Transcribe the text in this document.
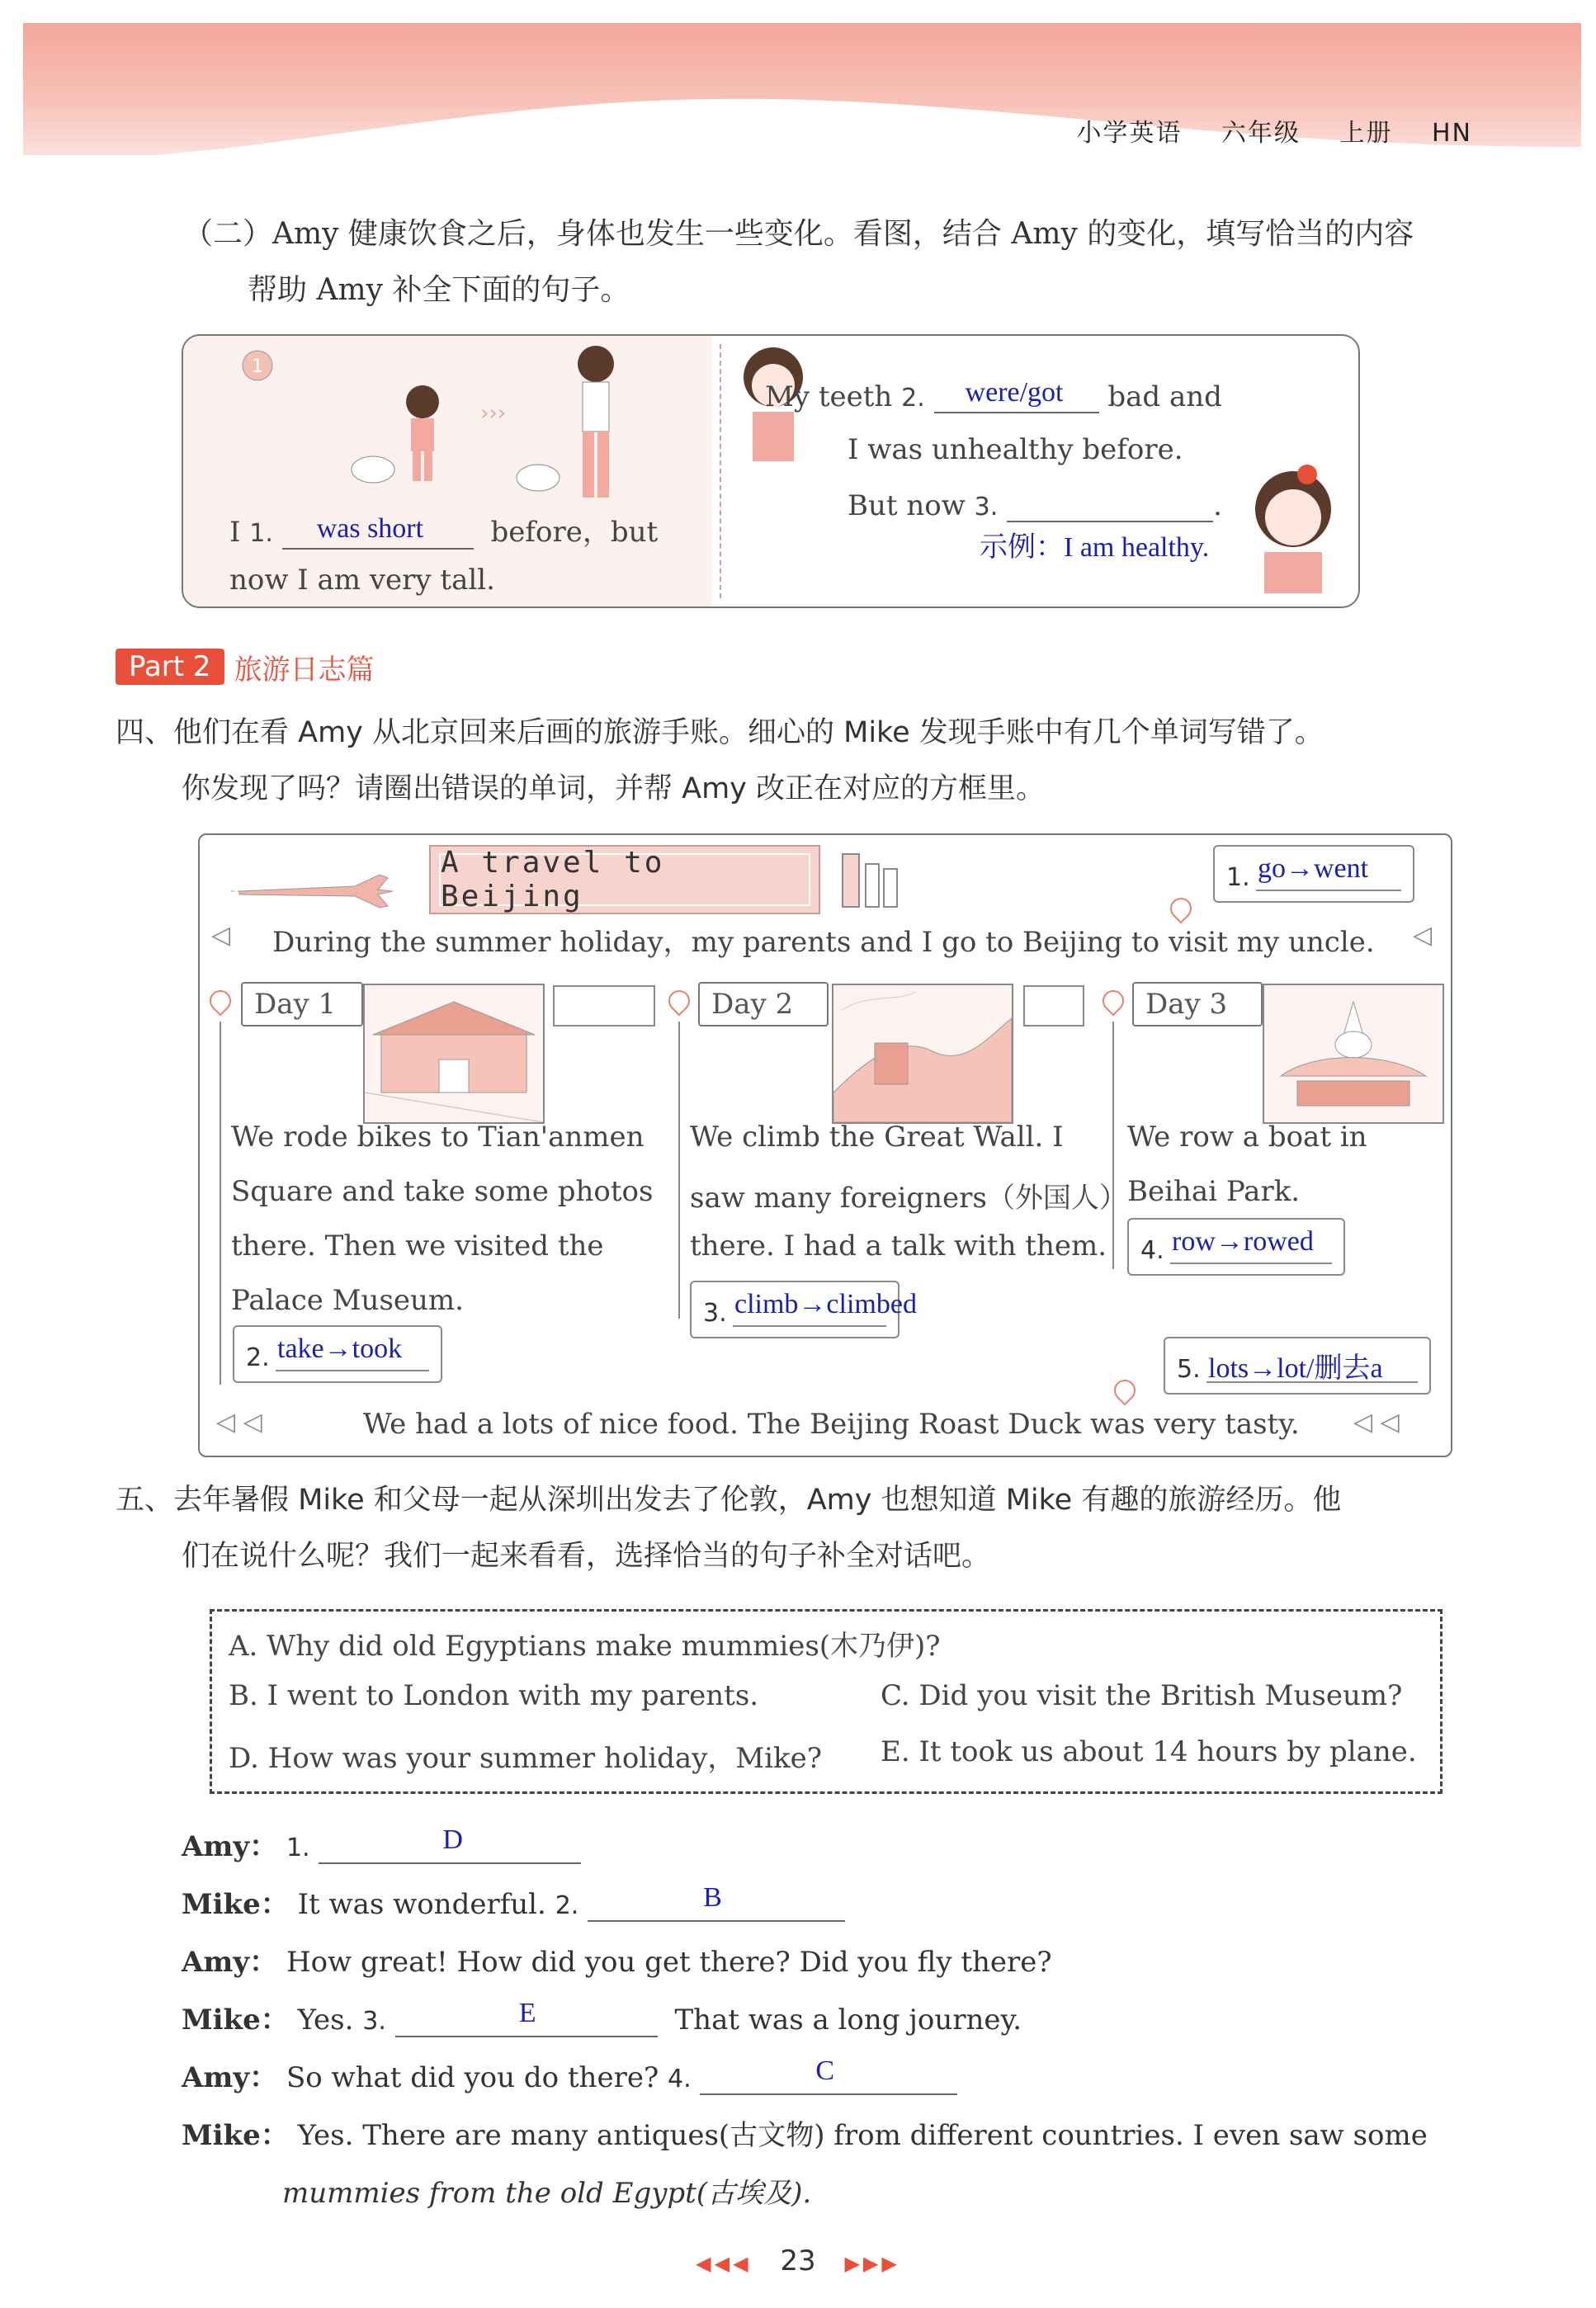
小学英语 六年级 上册 HN
（二）Amy 健康饮食之后，身体也发生一些变化。看图，结合 Amy 的变化，填写恰当的内容
帮助 Amy 补全下面的句子。
1
›››
I 1. was short before，but
now I am very tall.
My teeth 2. were/got bad and
I was unhealthy before.
But now 3.	.
示例：I am healthy.
Part 2 旅游日志篇
四、他们在看 Amy 从北京回来后画的旅游手账。细心的 Mike 发现手账中有几个单词写错了。
你发现了吗？请圈出错误的单词，并帮 Amy 改正在对应的方框里。
A travel to Beijing
1. go→went
During the summer holiday，my parents and I go to Beijing to visit my uncle.
◁	◁
Day 1
We rode bikes to Tian'anmen
Square and take some photos
there. Then we visited the
Palace Museum.
2. take→took
Day 2
We climb the Great Wall. I
saw many foreigners（外国人）
there. I had a talk with them.
3. climb→climbed
Day 3
We row a boat in
Beihai Park.
4. row→rowed
5. lots→lot/删去a
◁ ◁	We had a lots of nice food. The Beijing Roast Duck was very tasty. ◁ ◁
五、去年暑假 Mike 和父母一起从深圳出发去了伦敦，Amy 也想知道 Mike 有趣的旅游经历。他
们在说什么呢？我们一起来看看，选择恰当的句子补全对话吧。
A. Why did old Egyptians make mummies(木乃伊)?
B. I went to London with my parents.	C. Did you visit the British Museum?
D. How was your summer holiday，Mike? E. It took us about 14 hours by plane.
Amy： 1.	D

Mike： It was wonderful. 2.	B

Amy： How great! How did you get there? Did you fly there?
Mike： Yes. 3.	E	That was a long journey.
Amy： So what did you do there? 4.	C

Mike： Yes. There are many antiques(古文物) from different countries. I even saw some
mummies from the old Egypt(古埃及).
◀◀◀ 23 ▶▶▶
